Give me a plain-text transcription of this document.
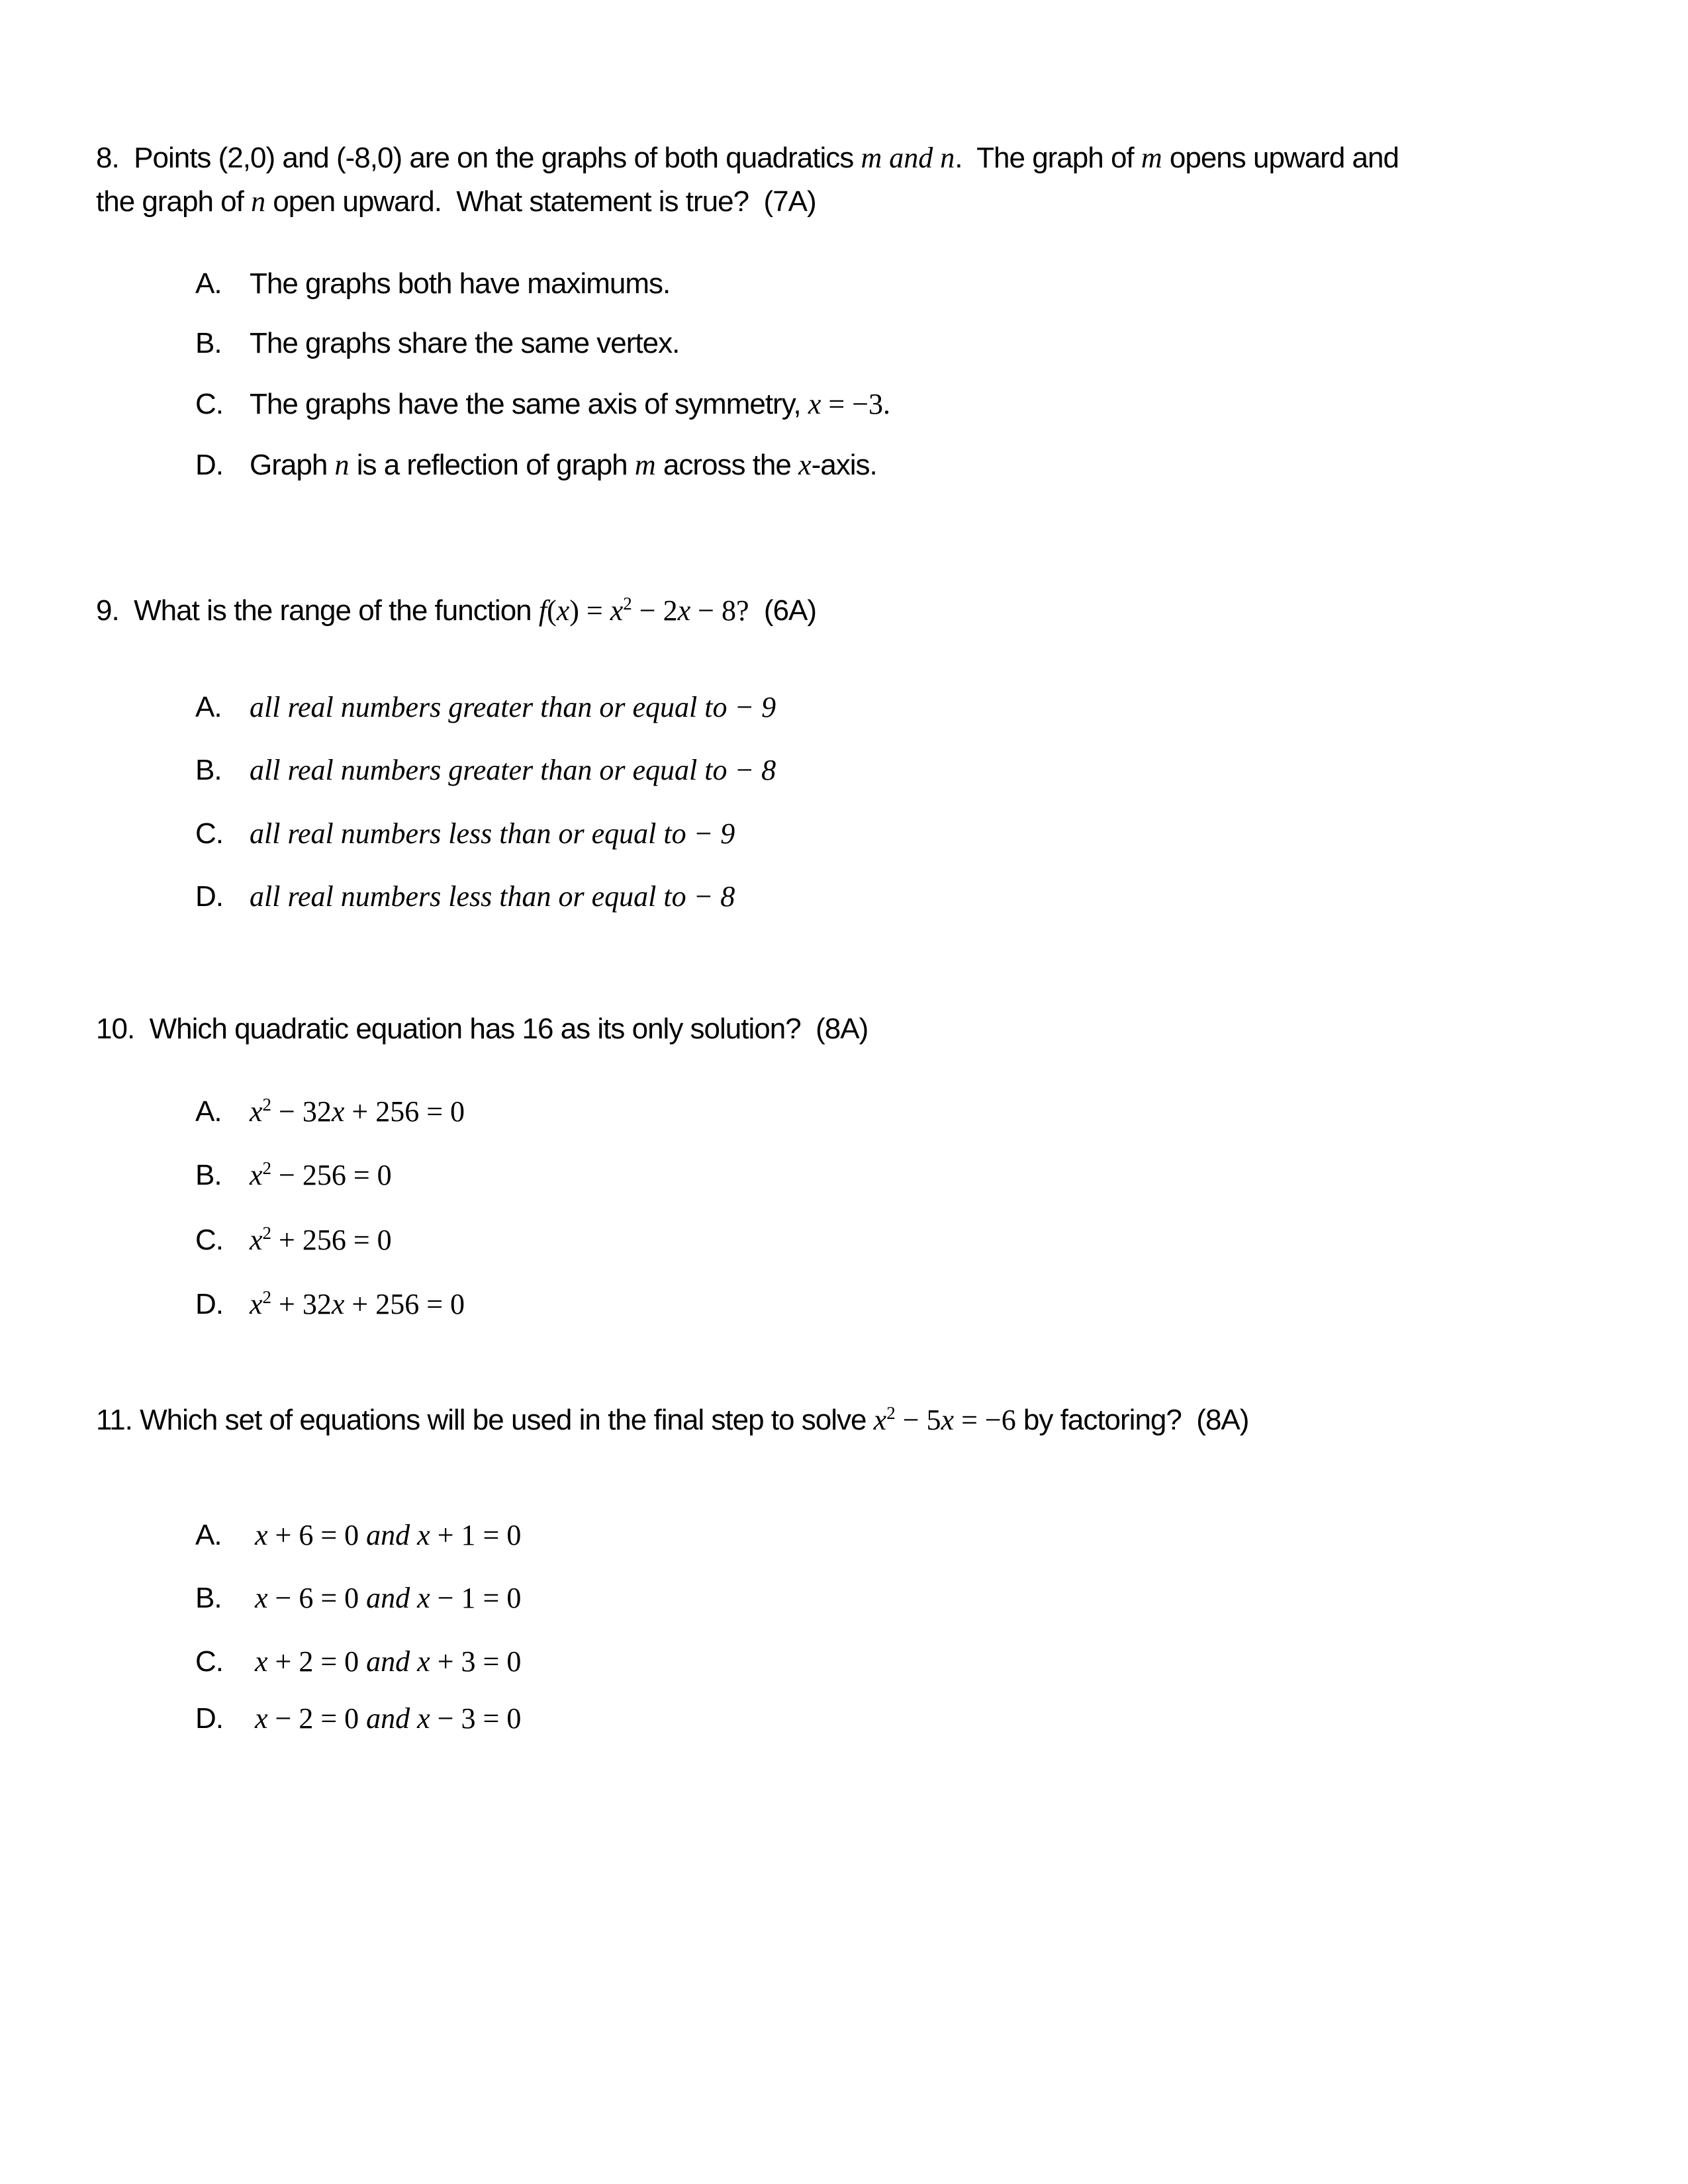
8.  Points (2,0) and (-8,0) are on the graphs of both quadratics m and n.  The graph of m opens upward and
the graph of n open upward.  What statement is true?  (7A)
A. The graphs both have maximums.
B. The graphs share the same vertex.
C. The graphs have the same axis of symmetry, x = −3.
D. Graph n is a reflection of graph m across the x-axis.
9.  What is the range of the function $f(x) = x^2 - 2x - 8$?  (6A)
A. all real numbers greater than or equal to − 9
B. all real numbers greater than or equal to − 8
C. all real numbers less than or equal to − 9
D. all real numbers less than or equal to − 8
10.  Which quadratic equation has 16 as its only solution?  (8A)
A. $x^2 - 32x + 256 = 0$
B. $x^2 - 256 = 0$
C. $x^2 + 256 = 0$
D. $x^2 + 32x + 256 = 0$
11. Which set of equations will be used in the final step to solve $x^2 - 5x = -6$ by factoring?  (8A)
A. x + 6 = 0 and x + 1 = 0
B. x − 6 = 0 and x − 1 = 0
C. x + 2 = 0 and x + 3 = 0
D. x − 2 = 0 and x − 3 = 0
